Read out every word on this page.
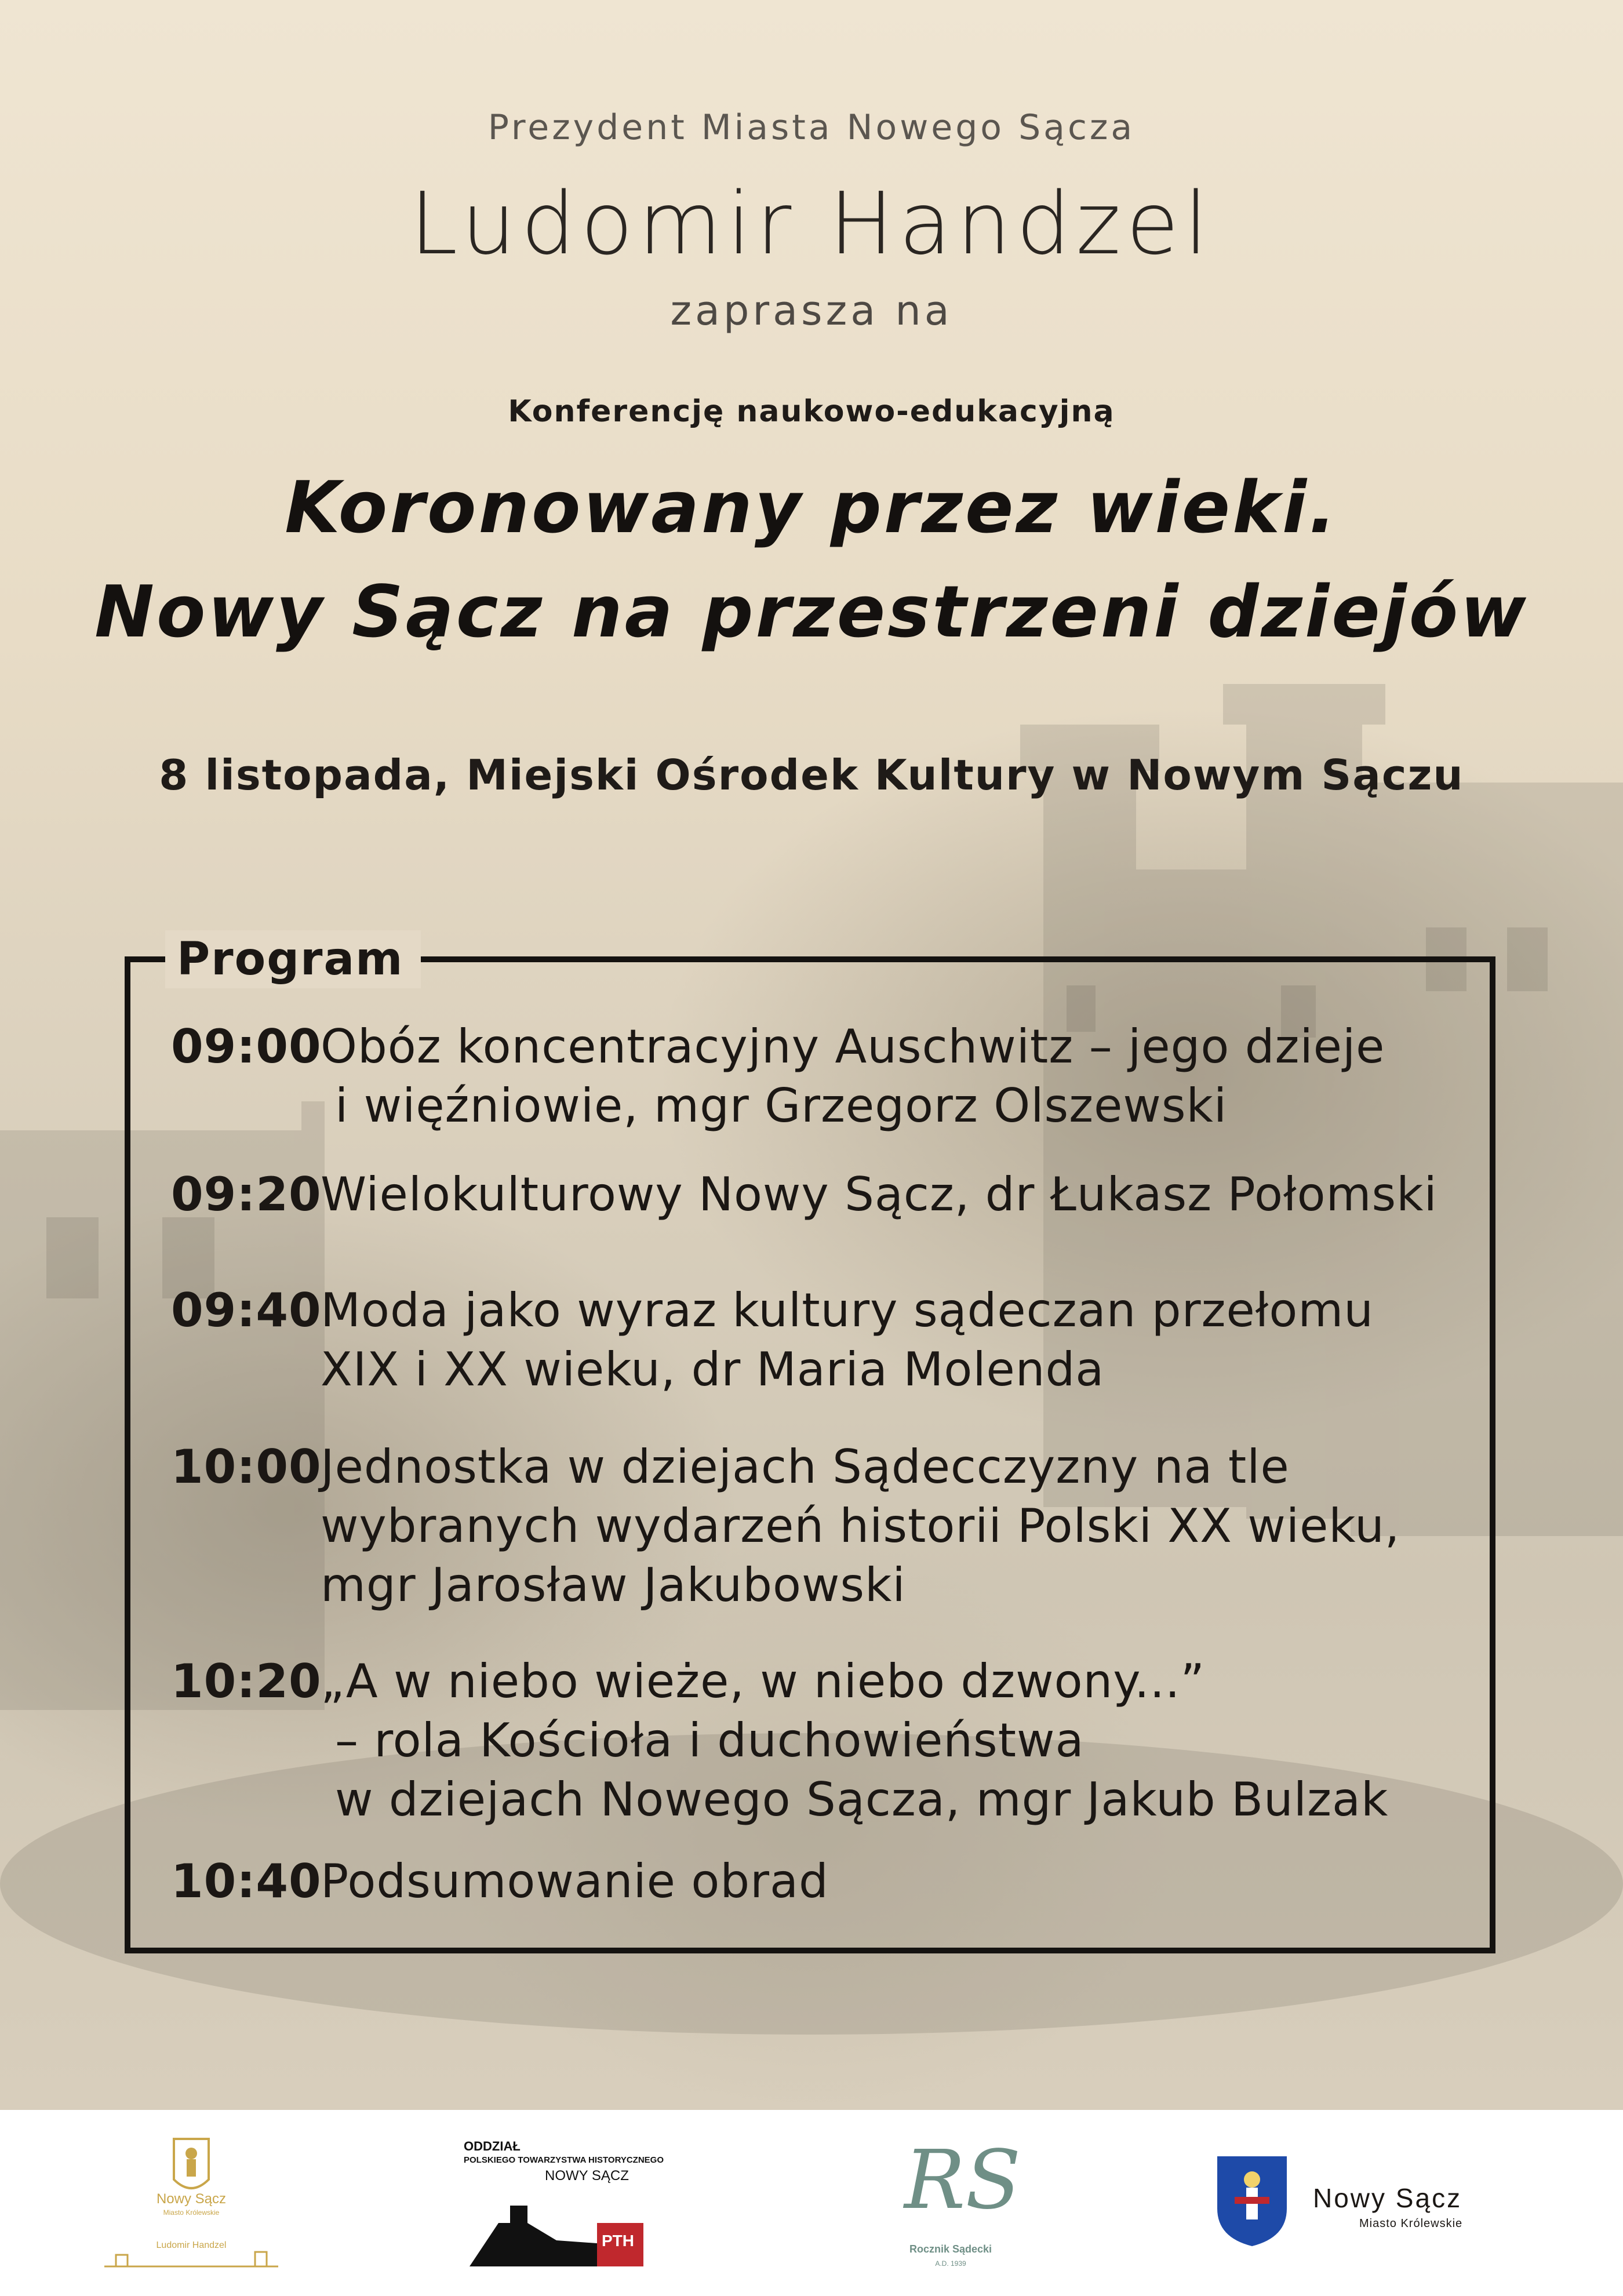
Prezydent Miasta Nowego Sącza
Ludomir Handzel
zaprasza na
Konferencję naukowo-edukacyjną
Koronowany przez wieki.
Nowy Sącz na przestrzeni dziejów
8 listopada, Miejski Ośrodek Kultury w Nowym Sączu
Program
09:00
Obóz koncentracyjny Auschwitz – jego dzieje
i więźniowie, mgr Grzegorz Olszewski
09:20
Wielokulturowy Nowy Sącz, dr Łukasz Połomski
09:40
Moda jako wyraz kultury sądeczan przełomu
XIX i XX wieku, dr Maria Molenda
10:00
Jednostka w dziejach Sądecczyzny na tle
wybranych wydarzeń historii Polski XX wieku,
mgr Jarosław Jakubowski
10:20
„A w niebo wieże, w niebo dzwony...”
– rola Kościoła i duchowieństwa
w dziejach Nowego Sącza, mgr Jakub Bulzak
10:40
Podsumowanie obrad
Nowy Sącz
Miasto Królewskie
Ludomir Handzel
ODDZIAŁ
POLSKIEGO TOWARZYSTWA HISTORYCZNEGO
NOWY SĄCZ
PTH
RS
Rocznik Sądecki
A.D. 1939
Nowy Sącz
Miasto Królewskie
